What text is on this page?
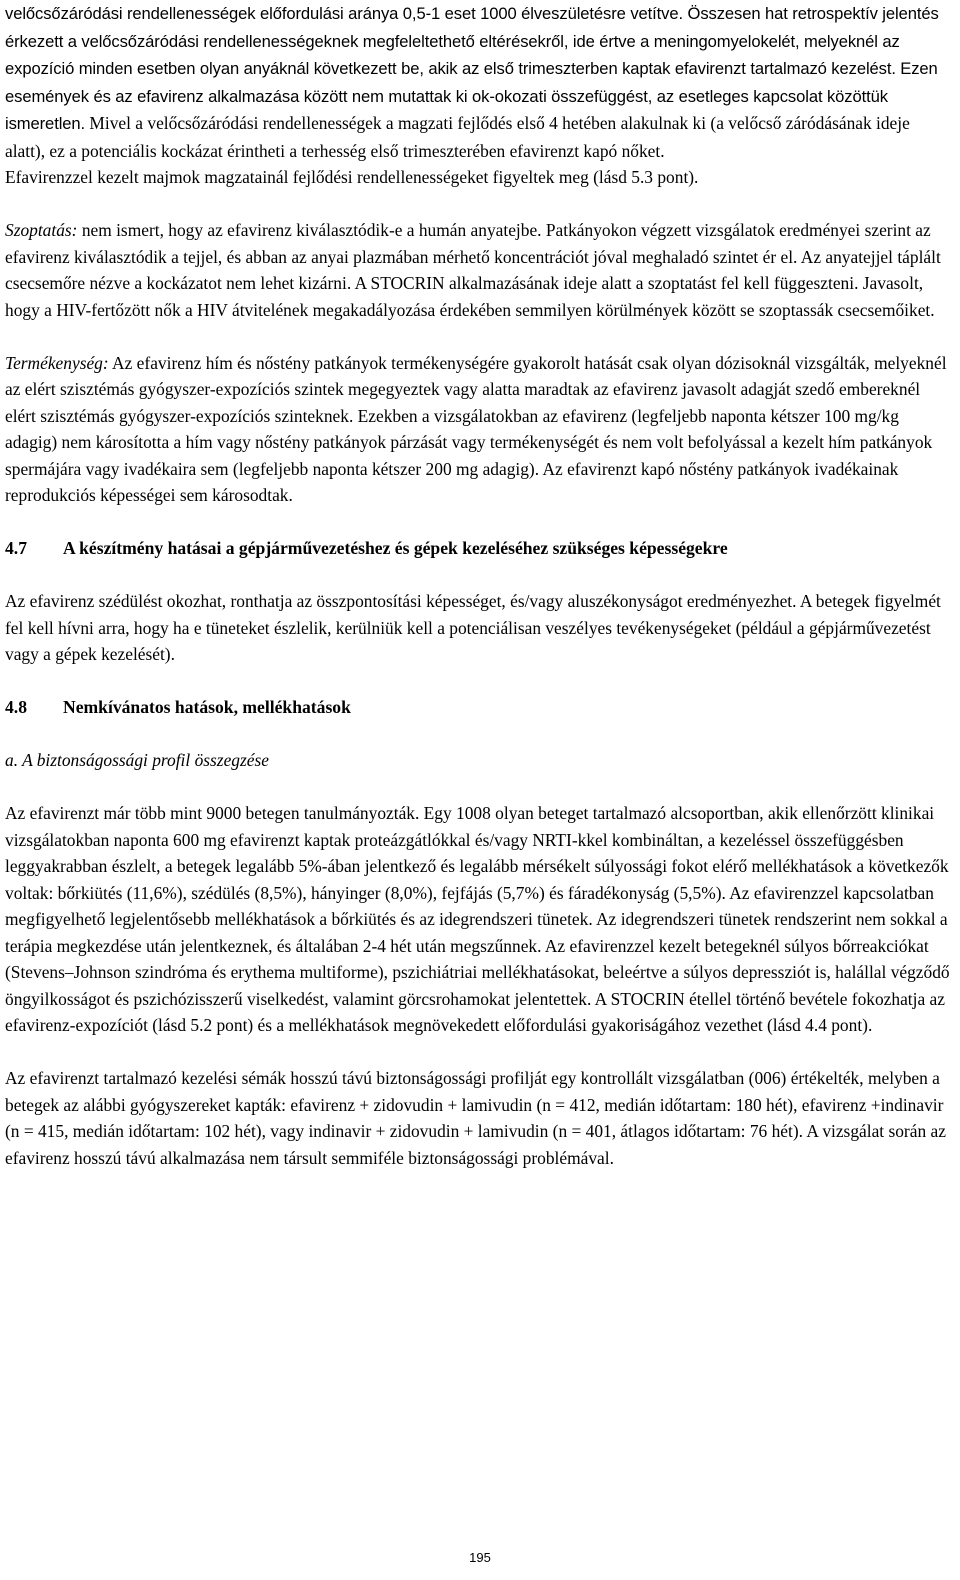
velőcsőzáródási rendellenességek előfordulási aránya 0,5-1 eset 1000 élveszületésre vetítve. Összesen hat retrospektív jelentés érkezett a velőcsőzáródási rendellenességeknek megfeleltethető eltérésekről, ide értve a meningomyelokelét, melyeknél az expozíció minden esetben olyan anyáknál következett be, akik az első trimeszterben kaptak efavirenzt tartalmazó kezelést. Ezen események és az efavirenz alkalmazása között nem mutattak ki ok-okozati összefüggést, az esetleges kapcsolat közöttük ismeretlen. Mivel a velőcsőzáródási rendellenességek a magzati fejlődés első 4 hetében alakulnak ki (a velőcső záródásának ideje alatt), ez a potenciális kockázat érintheti a terhesség első trimeszterében efavirenzt kapó nőket.

Efavirenzzel kezelt majmok magzatainál fejlődési rendellenességeket figyeltek meg (lásd 5.3 pont).

Szoptatás: nem ismert, hogy az efavirenz kiválasztódik-e a humán anyatejbe. Patkányokon végzett vizsgálatok eredményei szerint az efavirenz kiválasztódik a tejjel, és abban az anyai plazmában mérhető koncentrációt jóval meghaladó szintet ér el. Az anyatejjel táplált csecsemőre nézve a kockázatot nem lehet kizárni. A STOCRIN alkalmazásának ideje alatt a szoptatást fel kell függeszteni. Javasolt, hogy a HIV-fertőzött nők a HIV átvitelének megakadályozása érdekében semmilyen körülmények között se szoptassák csecsemőiket.

Termékenység: Az efavirenz hím és nőstény patkányok termékenységére gyakorolt hatását csak olyan dózisoknál vizsgálták, melyeknél az elért szisztémás gyógyszer-expozíciós szintek megegyeztek vagy alatta maradtak az efavirenz javasolt adagját szedő embereknél elért szisztémás gyógyszer-expozíciós szinteknek. Ezekben a vizsgálatokban az efavirenz (legfeljebb naponta kétszer 100 mg/kg adagig) nem károsította a hím vagy nőstény patkányok párzását vagy termékenységét és nem volt befolyással a kezelt hím patkányok spermájára vagy ivadékaira sem (legfeljebb naponta kétszer 200 mg adagig). Az efavirenzt kapó nőstény patkányok ivadékainak reprodukciós képességei sem károsodtak.

4.7 A készítmény hatásai a gépjárművezetéshez és gépek kezeléséhez szükséges képességekre

Az efavirenz szédülést okozhat, ronthatja az összpontosítási képességet, és/vagy aluszékonyságot eredményezhet. A betegek figyelmét fel kell hívni arra, hogy ha e tüneteket észlelik, kerülniük kell a potenciálisan veszélyes tevékenységeket (például a gépjárművezetést vagy a gépek kezelését).

4.8 Nemkívánatos hatások, mellékhatások

a. A biztonságossági profil összegzése

Az efavirenzt már több mint 9000 betegen tanulmányozták. Egy 1008 olyan beteget tartalmazó alcsoportban, akik ellenőrzött klinikai vizsgálatokban naponta 600 mg efavirenzt kaptak proteázgátlókkal és/vagy NRTI-kkel kombináltan, a kezeléssel összefüggésben leggyakrabban észlelt, a betegek legalább 5%-ában jelentkező és legalább mérsékelt súlyossági fokot elérő mellékhatások a következők voltak: bőrkiütés (11,6%), szédülés (8,5%), hányinger (8,0%), fejfájás (5,7%) és fáradékonyság (5,5%). Az efavirenzzel kapcsolatban megfigyelhető legjelentősebb mellékhatások a bőrkiütés és az idegrendszeri tünetek. Az idegrendszeri tünetek rendszerint nem sokkal a terápia megkezdése után jelentkeznek, és általában 2-4 hét után megszűnnek. Az efavirenzzel kezelt betegeknél súlyos bőrreakciókat (Stevens–Johnson szindróma és erythema multiforme), pszichiátriai mellékhatásokat, beleértve a súlyos depressziót is, halállal végződő öngyilkosságot és pszichózisszerű viselkedést, valamint görcsrohamokat jelentettek. A STOCRIN étellel történő bevétele fokozhatja az efavirenz-expozíciót (lásd 5.2 pont) és a mellékhatások megnövekedett előfordulási gyakoriságához vezethet (lásd 4.4 pont).

Az efavirenzt tartalmazó kezelési sémák hosszú távú biztonságossági profilját egy kontrollált vizsgálatban (006) értékelték, melyben a betegek az alábbi gyógyszereket kapták: efavirenz + zidovudin + lamivudin (n = 412, medián időtartam: 180 hét), efavirenz +indinavir (n = 415, medián időtartam: 102 hét), vagy indinavir + zidovudin + lamivudin (n = 401, átlagos időtartam: 76 hét). A vizsgálat során az efavirenz hosszú távú alkalmazása nem társult semmiféle biztonságossági problémával.

195
